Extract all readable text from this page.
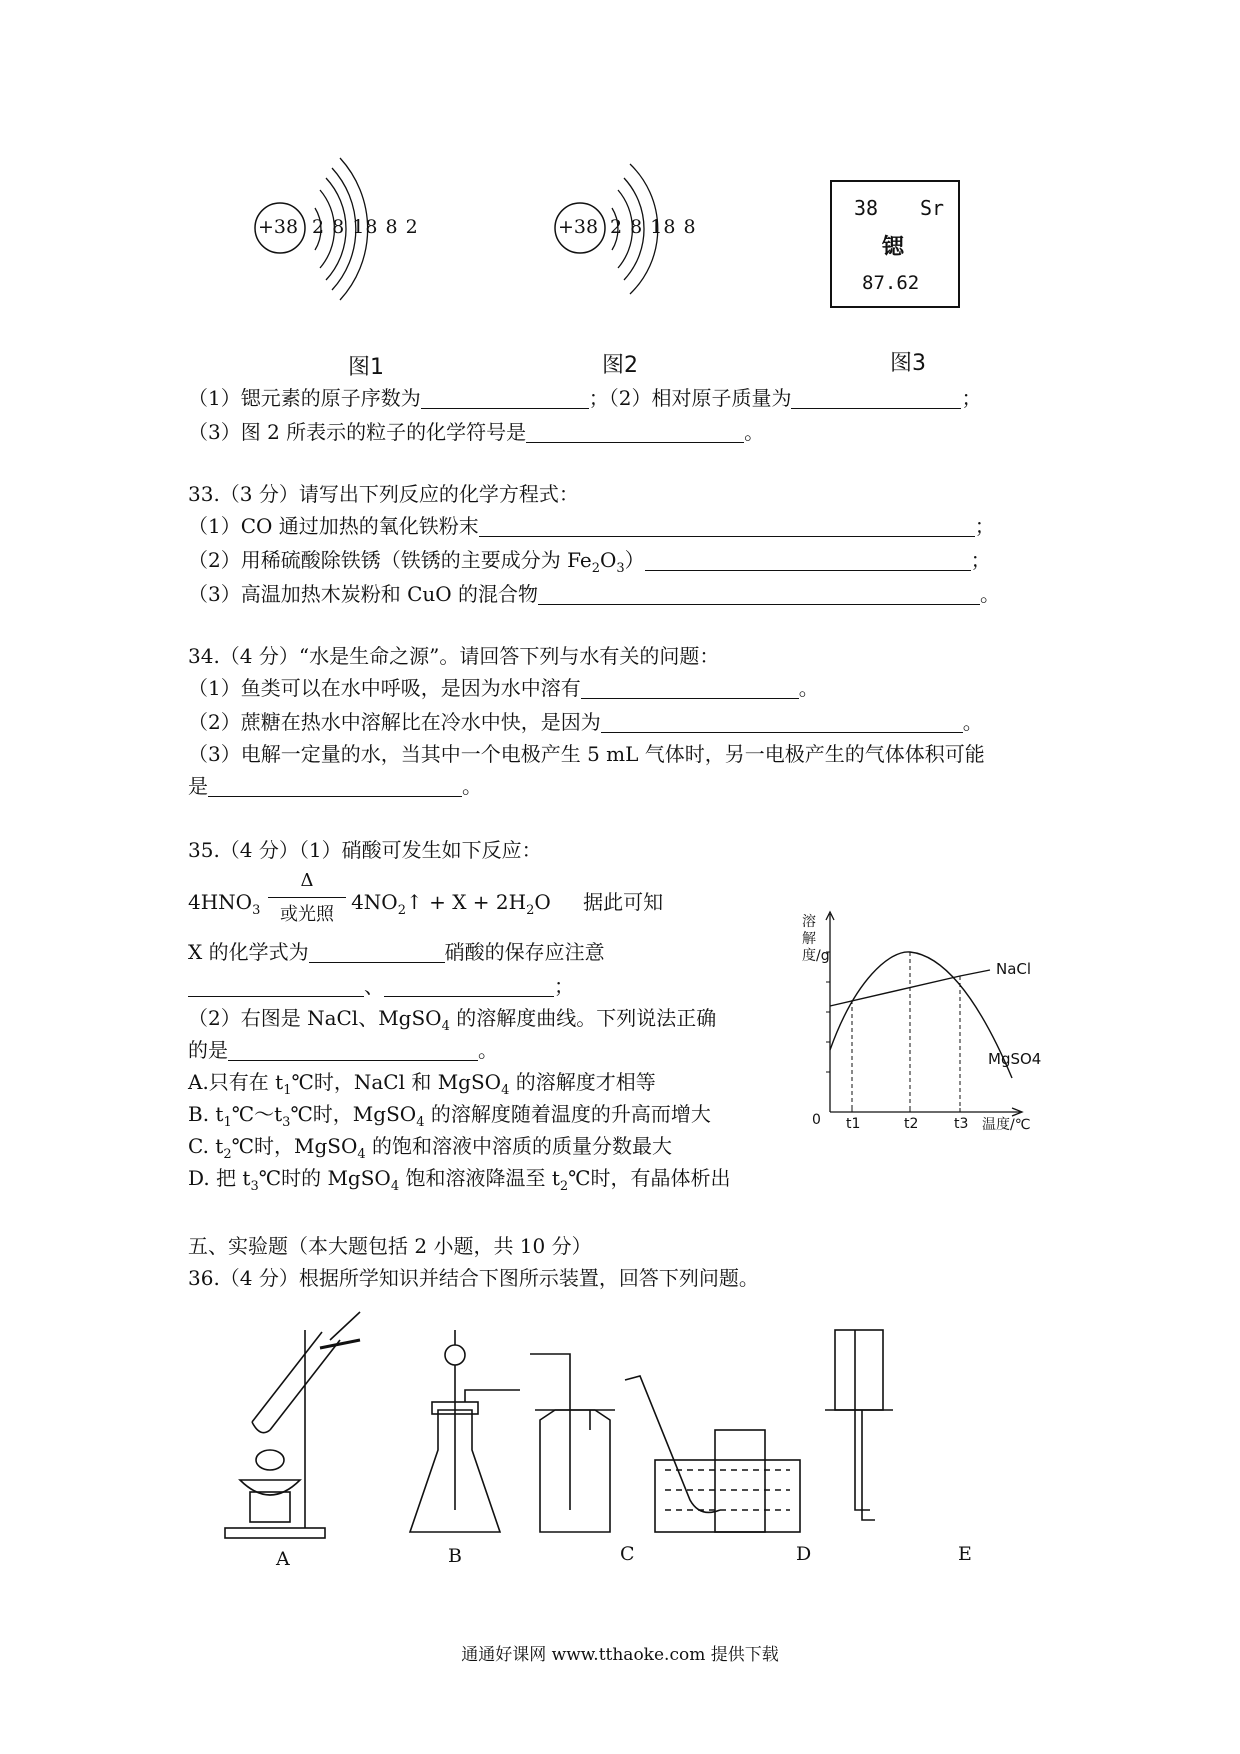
+38 2 8 18 8 2
图1
+38 2 8 18 8
图2
38 Sr
锶
87.62
图3
（1）锶元素的原子序数为	；（2）相对原子质量为	；
（3）图 2 所表示的粒子的化学符号是	。
33.（3 分）请写出下列反应的化学方程式：
（1）CO 通过加热的氧化铁粉末	；
（2）用稀硫酸除铁锈（铁锈的主要成分为 $Fe_2O_3$）	；
（3）高温加热木炭粉和 CuO 的混合物	。
34.（4 分）“水是生命之源”。请回答下列与水有关的问题：
（1）鱼类可以在水中呼吸，是因为水中溶有	。
（2）蔗糖在热水中溶解比在冷水中快，是因为	。
（3）电解一定量的水，当其中一个电极产生 5 mL 气体时，另一电极产生的气体体积可能
是	。
35.（4 分）（1）硝酸可发生如下反应：
$4HNO_3$	$4NO_2↑ + X + 2H_2O$ 据此可知
Δ
或光照
X 的化学式为	硝酸的保存应注意
、	；
（2）右图是 NaCl、MgSO$_4$ 的溶解度曲线。下列说法正确
的是	。
A.只有在 $t_1℃$时，NaCl 和 MgSO$_4$ 的溶解度才相等
B. $t_1℃\sim t_3℃$时，MgSO$_4$ 的溶解度随着温度的升高而增大
C. $t_2℃$时，MgSO$_4$ 的饱和溶液中溶质的质量分数最大
D. 把 $t_3℃$时的 MgSO$_4$ 饱和溶液降温至 $t_2℃$时，有晶体析出
溶解度/g
0 t1	t2	t3 温度/℃
NaCl
MgSO4
五、实验题（本大题包括 2 小题，共 10 分）
36.（4 分）根据所学知识并结合下图所示装置，回答下列问题。
A	B	C	D	E
通通好课网 www.tthaoke.com 提供下载
